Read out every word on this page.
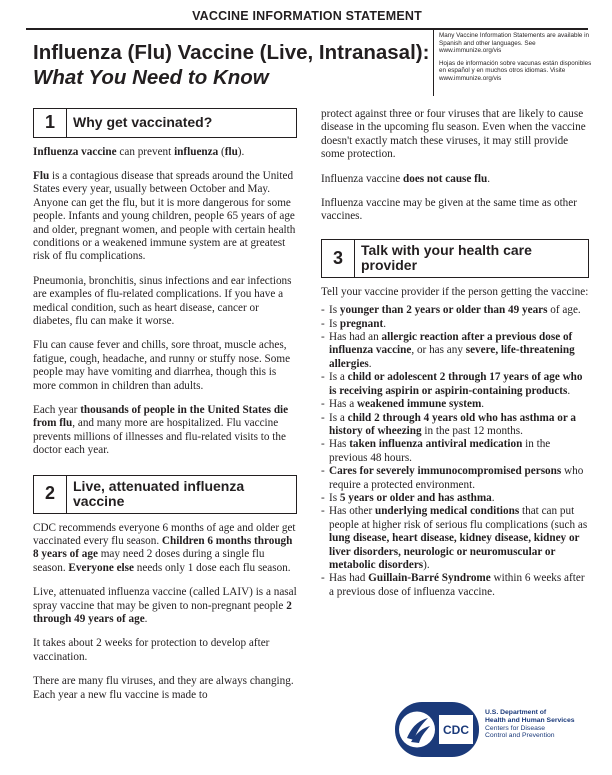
VACCINE INFORMATION STATEMENT
Influenza (Flu) Vaccine (Live, Intranasal):
What You Need to Know

Many Vaccine Information Statements are available in Spanish and other languages. See www.immunize.org/vis

Hojas de información sobre vacunas están disponibles en español y en muchos otros idiomas. Visite www.immunize.org/vis

1	Why get vaccinated?

Influenza vaccine can prevent influenza (flu).

Flu is a contagious disease that spreads around the United States every year, usually between October and May. Anyone can get the flu, but it is more dangerous for some people. Infants and young children, people 65 years of age and older, pregnant women, and people with certain health conditions or a weakened immune system are at greatest risk of flu complications.

Pneumonia, bronchitis, sinus infections and ear infections are examples of flu-related complications. If you have a medical condition, such as heart disease, cancer or diabetes, flu can make it worse.

Flu can cause fever and chills, sore throat, muscle aches, fatigue, cough, headache, and runny or stuffy nose. Some people may have vomiting and diarrhea, though this is more common in children than adults.

Each year thousands of people in the United States die from flu, and many more are hospitalized. Flu vaccine prevents millions of illnesses and flu-related visits to the doctor each year.

2	Live, attenuated influenza vaccine

CDC recommends everyone 6 months of age and older get vaccinated every flu season. Children 6 months through 8 years of age may need 2 doses during a single flu season. Everyone else needs only 1 dose each flu season.

Live, attenuated influenza vaccine (called LAIV) is a nasal spray vaccine that may be given to non-pregnant people 2 through 49 years of age.

It takes about 2 weeks for protection to develop after vaccination.

There are many flu viruses, and they are always changing. Each year a new flu vaccine is made to

protect against three or four viruses that are likely to cause disease in the upcoming flu season. Even when the vaccine doesn't exactly match these viruses, it may still provide some protection.

Influenza vaccine does not cause flu.

Influenza vaccine may be given at the same time as other vaccines.

3	Talk with your health care provider

Tell your vaccine provider if the person getting the vaccine:

- Is younger than 2 years or older than 49 years of age.
- Is pregnant.
- Has had an allergic reaction after a previous dose of influenza vaccine, or has any severe, life-threatening allergies.
- Is a child or adolescent 2 through 17 years of age who is receiving aspirin or aspirin-containing products.
- Has a weakened immune system.
- Is a child 2 through 4 years old who has asthma or a history of wheezing in the past 12 months.
- Has taken influenza antiviral medication in the previous 48 hours.
- Cares for severely immunocompromised persons who require a protected environment.
- Is 5 years or older and has asthma.
- Has other underlying medical conditions that can put people at higher risk of serious flu complications (such as lung disease, heart disease, kidney disease, kidney or liver disorders, neurologic or neuromuscular or metabolic disorders).
- Has had Guillain-Barré Syndrome within 6 weeks after a previous dose of influenza vaccine.
CDC
U.S. Department of
Health and Human Services
Centers for Disease
Control and Prevention
